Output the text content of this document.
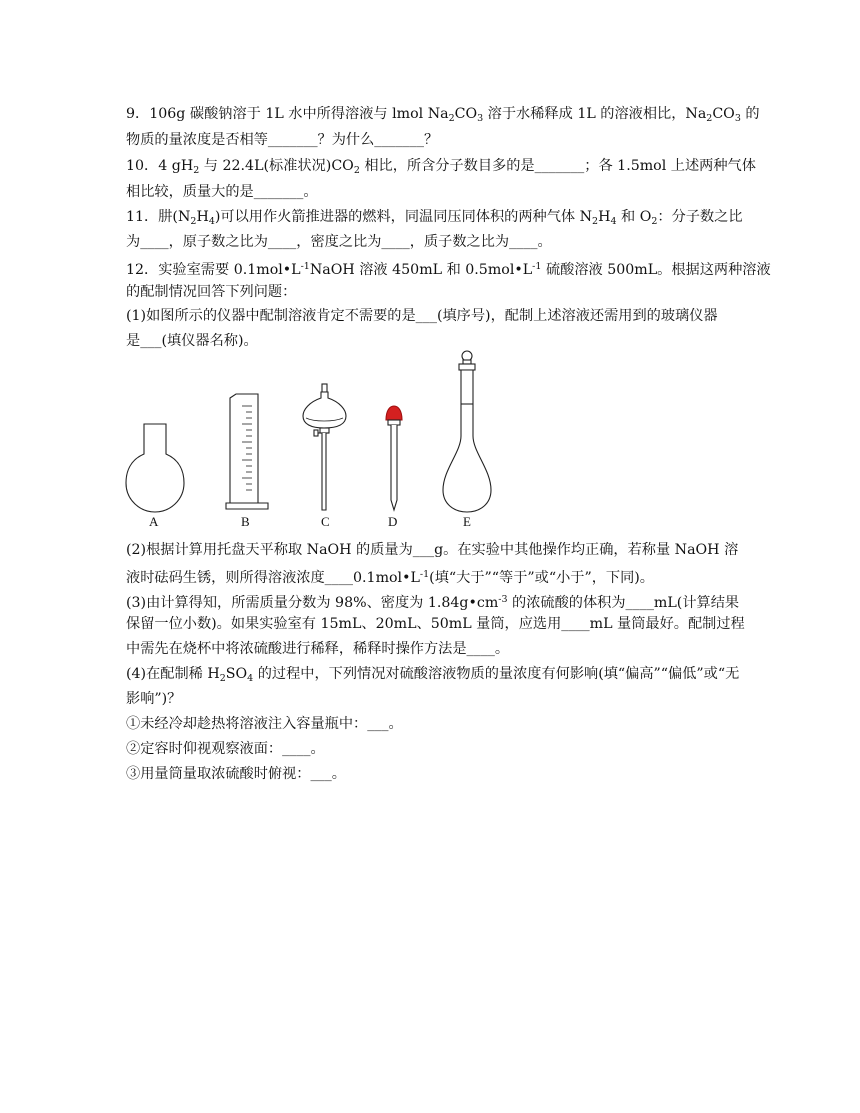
9．106g 碳酸钠溶于 1L 水中所得溶液与 lmol $Na_2CO_3$ 溶于水稀释成 1L 的溶液相比，$Na_2CO_3$ 的
物质的量浓度是否相等_______？为什么_______？
10．4 $gH_2$ 与 22.4L(标准状况)$CO_2$ 相比，所含分子数目多的是_______；各 1.5mol 上述两种气体
相比较，质量大的是_______。
11．肼$(N_2H_4)$可以用作火箭推进器的燃料，同温同压同体积的两种气体 $N_2H_4$ 和 $O_2$：分子数之比
为____，原子数之比为____，密度之比为____，质子数之比为____。
12．实验室需要 $0.1mol•L^{-1}NaOH$ 溶液 450mL 和 $0.5mol•L^{-1}$ 硫酸溶液 500mL。根据这两种溶液
的配制情况回答下列问题：
(1)如图所示的仪器中配制溶液肯定不需要的是___(填序号)，配制上述溶液还需用到的玻璃仪器
是___(填仪器名称)。
A	B	C	D	E
(2)根据计算用托盘天平称取 NaOH 的质量为___g。在实验中其他操作均正确，若称量 NaOH 溶
液时砝码生锈，则所得溶液浓度$\_\_\_\_0.1mol•L^{-1}$(填“大于”“等于”或“小于”，下同)。
(3)由计算得知，所需质量分数为 98%、密度为 $1.84g•cm^{-3}$ 的浓硫酸的体积为____mL(计算结果
保留一位小数)。如果实验室有 15mL、20mL、50mL 量筒，应选用____mL 量筒最好。配制过程
中需先在烧杯中将浓硫酸进行稀释，稀释时操作方法是____。
(4)在配制稀 $H_2SO_4$ 的过程中，下列情况对硫酸溶液物质的量浓度有何影响(填“偏高”“偏低”或“无
影响”)？
①未经冷却趁热将溶液注入容量瓶中：___。
②定容时仰视观察液面：____。
③用量筒量取浓硫酸时俯视：___。
